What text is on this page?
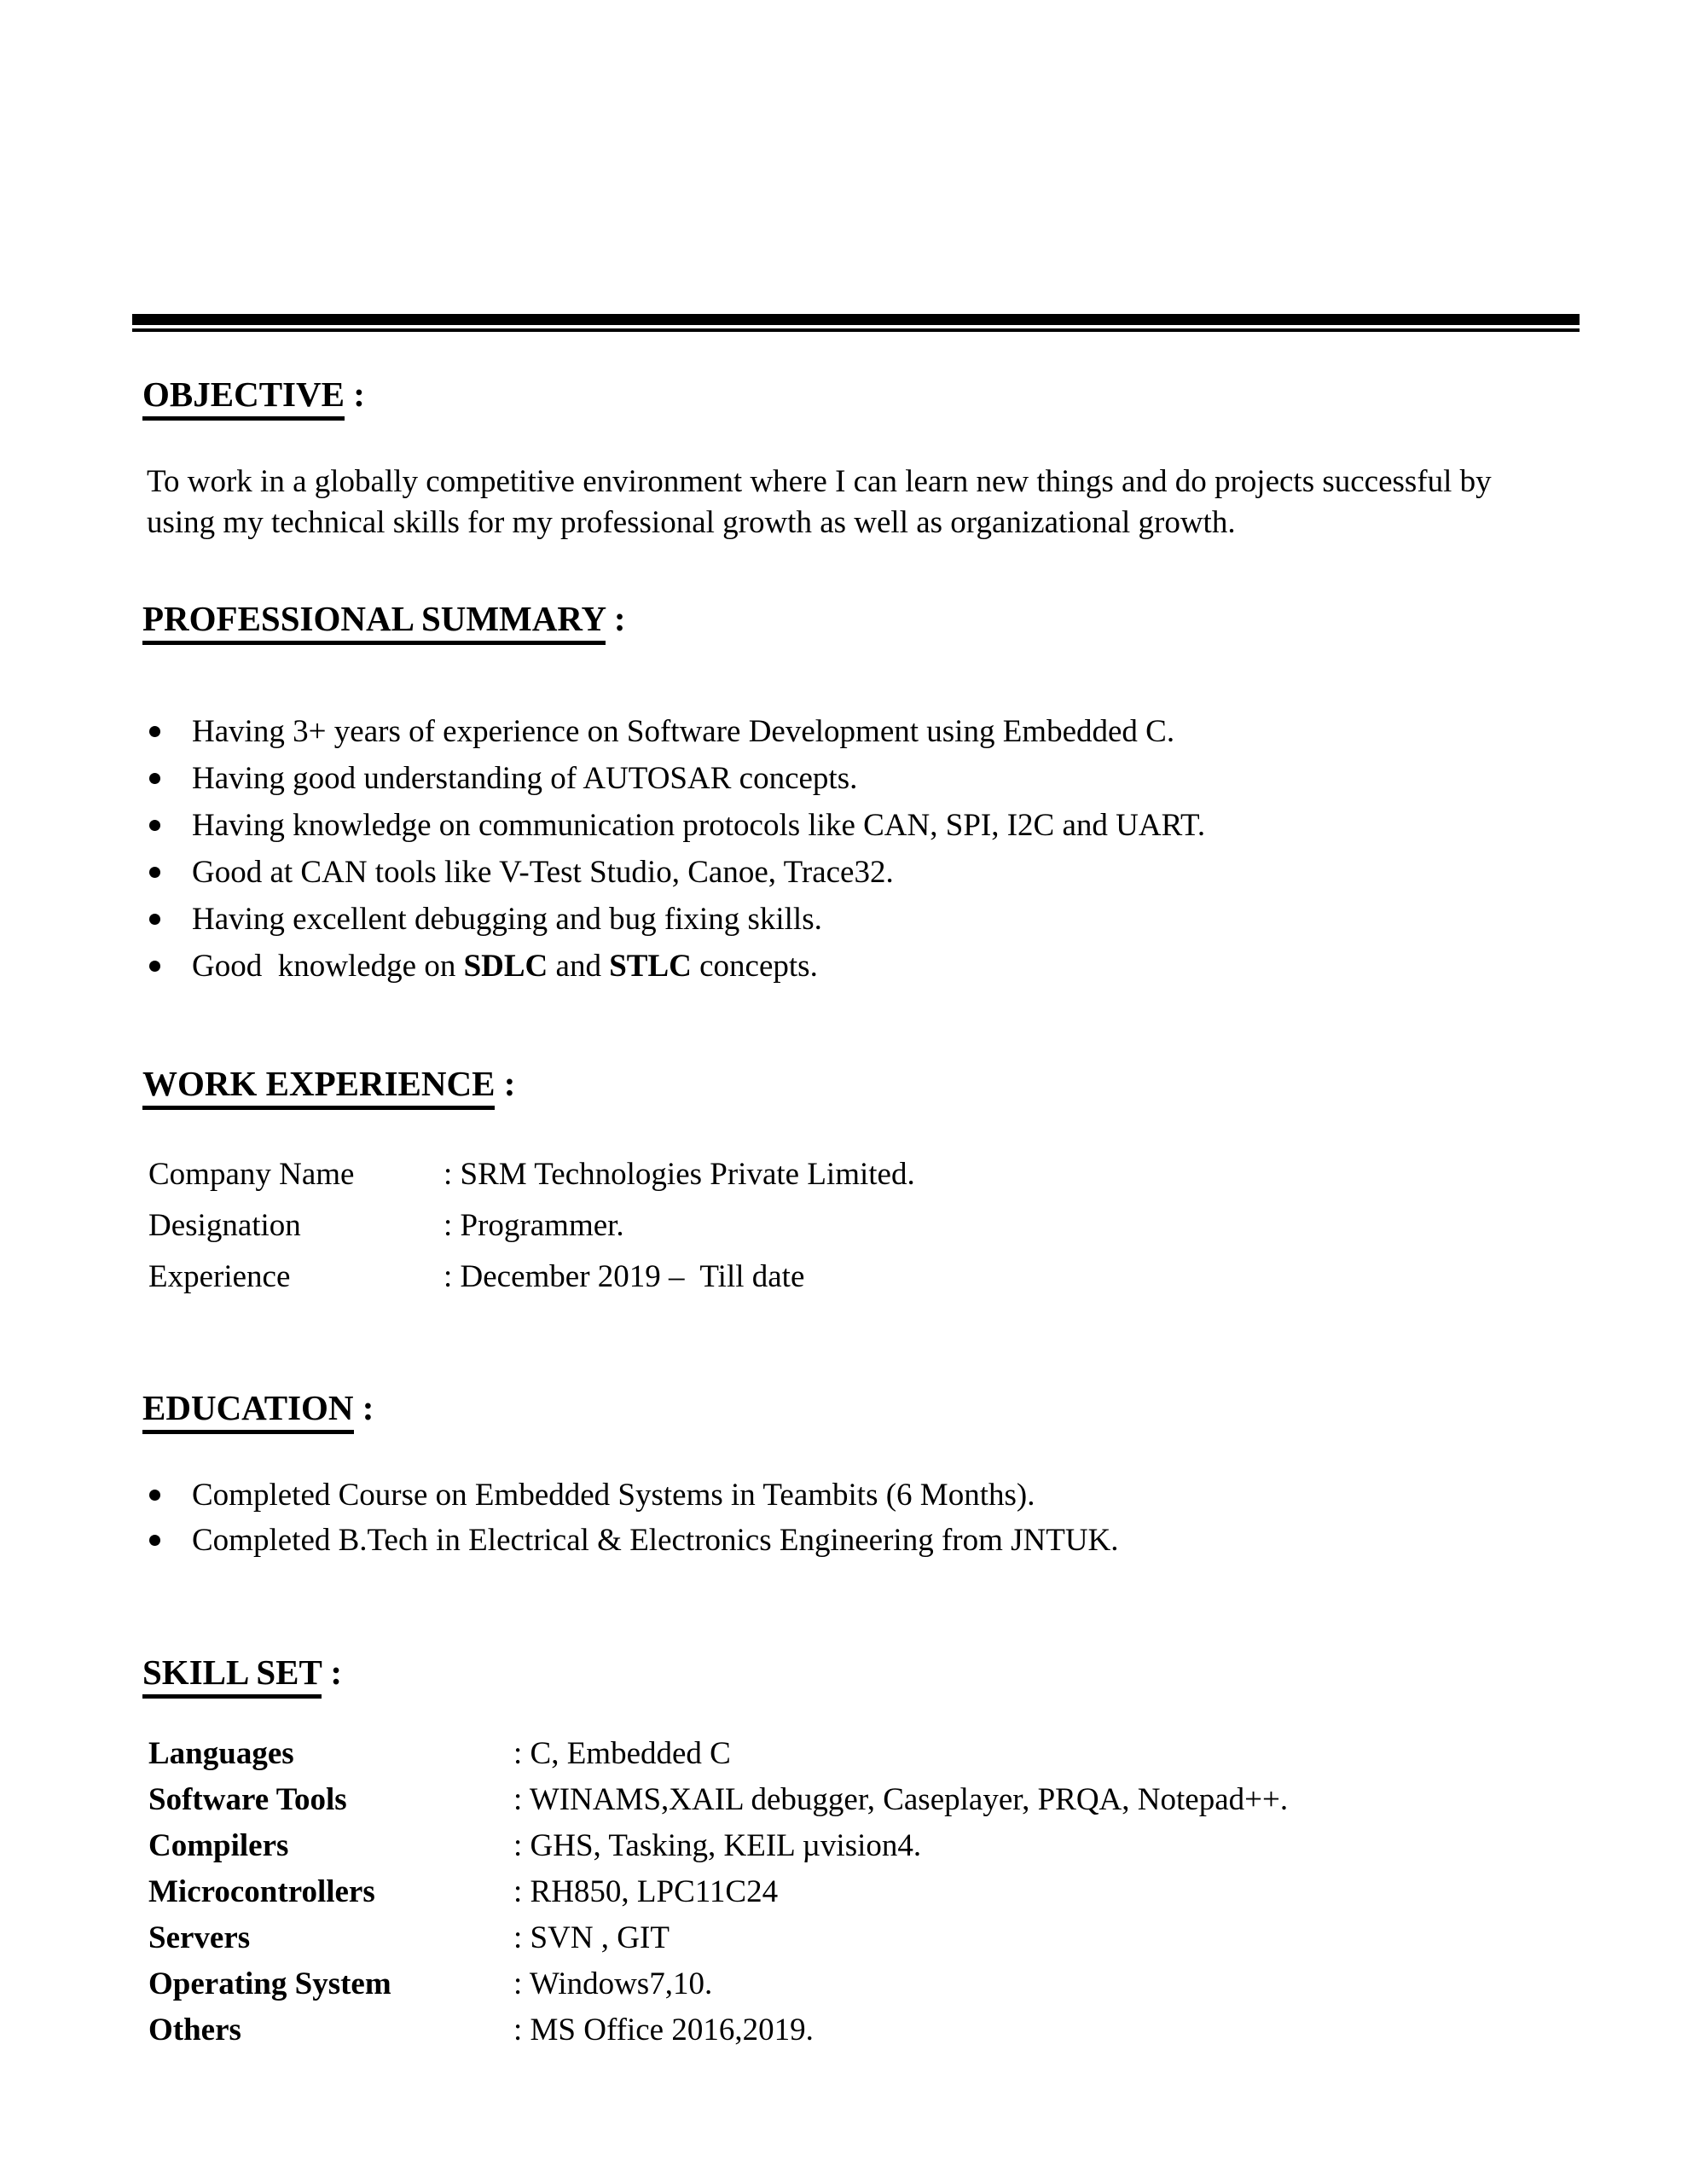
OBJECTIVE :
To work in a globally competitive environment where I can learn new things and do projects successful by using my technical skills for my professional growth as well as organizational growth.
PROFESSIONAL SUMMARY :
Having 3+ years of experience on Software Development using Embedded C.
Having good understanding of AUTOSAR concepts.
Having knowledge on communication protocols like CAN, SPI, I2C and UART.
Good at CAN tools like V-Test Studio, Canoe, Trace32.
Having excellent debugging and bug fixing skills.
Good  knowledge on SDLC and STLC concepts.
WORK EXPERIENCE :
Company Name	: SRM Technologies Private Limited.
Designation	: Programmer.
Experience	: December 2019 –  Till date
EDUCATION :
Completed Course on Embedded Systems in Teambits (6 Months).
Completed B.Tech in Electrical & Electronics Engineering from JNTUK.
SKILL SET :
Languages	: C, Embedded C
Software Tools	: WINAMS,XAIL debugger, Caseplayer, PRQA, Notepad++.
Compilers	: GHS, Tasking, KEIL µvision4.
Microcontrollers	: RH850, LPC11C24
Servers	: SVN , GIT
Operating System	: Windows7,10.
Others	: MS Office 2016,2019.
